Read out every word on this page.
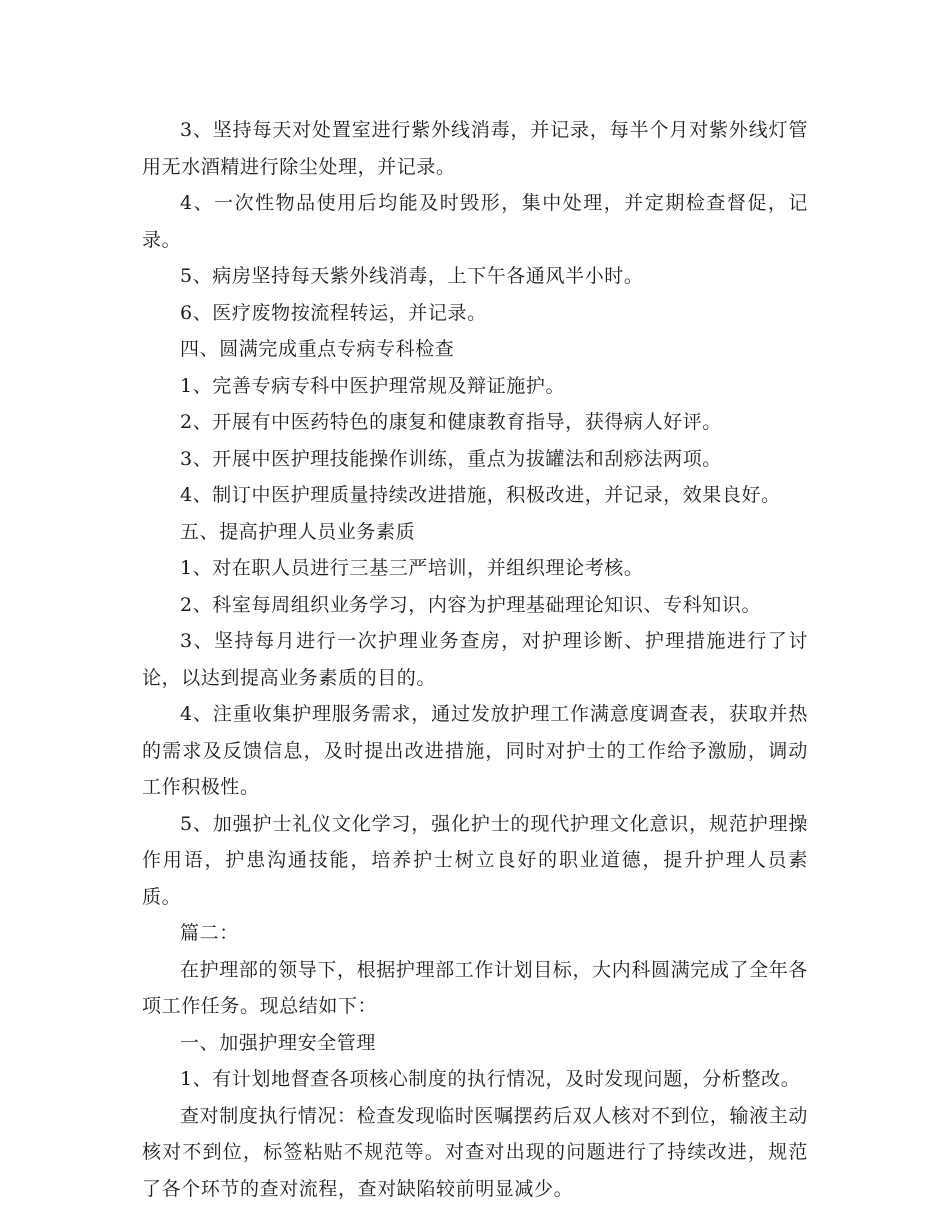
3、坚持每天对处置室进行紫外线消毒，并记录，每半个月对紫外线灯管用无水酒精进行除尘处理，并记录。

4、一次性物品使用后均能及时毁形，集中处理，并定期检查督促，记录。

5、病房坚持每天紫外线消毒，上下午各通风半小时。

6、医疗废物按流程转运，并记录。

四、圆满完成重点专病专科检查

1、完善专病专科中医护理常规及辩证施护。

2、开展有中医药特色的康复和健康教育指导，获得病人好评。

3、开展中医护理技能操作训练，重点为拔罐法和刮痧法两项。

4、制订中医护理质量持续改进措施，积极改进，并记录，效果良好。

五、提高护理人员业务素质

1、对在职人员进行三基三严培训，并组织理论考核。

2、科室每周组织业务学习，内容为护理基础理论知识、专科知识。

3、坚持每月进行一次护理业务查房，对护理诊断、护理措施进行了讨论，以达到提高业务素质的目的。

4、注重收集护理服务需求，通过发放护理工作满意度调查表，获取并热的需求及反馈信息，及时提出改进措施，同时对护士的工作给予激励，调动工作积极性。

5、加强护士礼仪文化学习，强化护士的现代护理文化意识，规范护理操作用语，护患沟通技能，培养护士树立良好的职业道德，提升护理人员素质。

篇二：

在护理部的领导下，根据护理部工作计划目标，大内科圆满完成了全年各项工作任务。现总结如下：

一、加强护理安全管理

1、有计划地督查各项核心制度的执行情况，及时发现问题，分析整改。

查对制度执行情况：检查发现临时医嘱摆药后双人核对不到位，输液主动核对不到位，标签粘贴不规范等。对查对出现的问题进行了持续改进，规范了各个环节的查对流程，查对缺陷较前明显减少。
